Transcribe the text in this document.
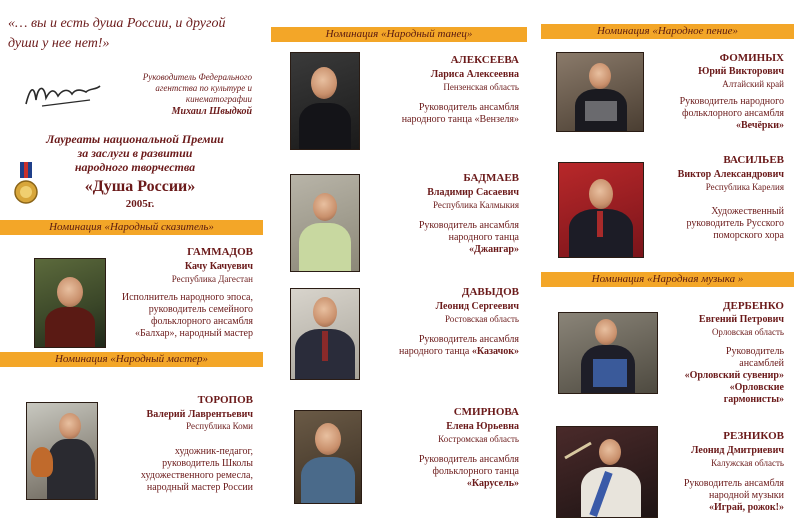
«… вы и есть душа России, и другой
души у нее нет!»
Руководитель Федерального
агентства по культуре и
кинематографии
Михаил Швыдкой
Лауреаты национальной Премии
за заслуги в развитии
народного творчества
«Душа России»
2005г.
Номинация «Народный сказитель»
ГАММАДОВ
Качу Качуевич
Республика Дагестан
Исполнитель народного эпоса,
руководитель семейного
фольклорного ансамбля
«Балхар», народный мастер
Номинация «Народный мастер»
ТОРОПОВ
Валерий Лаврентьевич
Республика Коми
художник-педагог,
руководитель Школы
художественного ремесла,
народный мастер России
Номинация «Народный танец»
АЛЕКСЕЕВА
Лариса Алексеевна
Пензенская область
Руководитель ансамбля
народного танца «Вензеля»
БАДМАЕВ
Владимир Сасаевич
Республика Калмыкия
Руководитель ансамбля
народного танца
«Джангар»
ДАВЫДОВ
Леонид Сергеевич
Ростовская область
Руководитель ансамбля
народного танца «Казачок»
СМИРНОВА
Елена Юрьевна
Костромская область
Руководитель ансамбля
фольклорного танца
«Карусель»
Номинация «Народное пение»
ФОМИНЫХ
Юрий Викторович
Алтайский край
Руководитель народного
фольклорного ансамбля
«Вечёрки»
ВАСИЛЬЕВ
Виктор Александрович
Республика Карелия
Художественный
руководитель Русского
поморского хора
Номинация «Народная музыка »
ДЕРБЕНКО
Евгений Петрович
Орловская область
Руководитель
ансамблей
«Орловский сувенир»
«Орловские
гармонисты»
РЕЗНИКОВ
Леонид Дмитриевич
Калужская область
Руководитель ансамбля
народной музыки
«Играй, рожок!»
